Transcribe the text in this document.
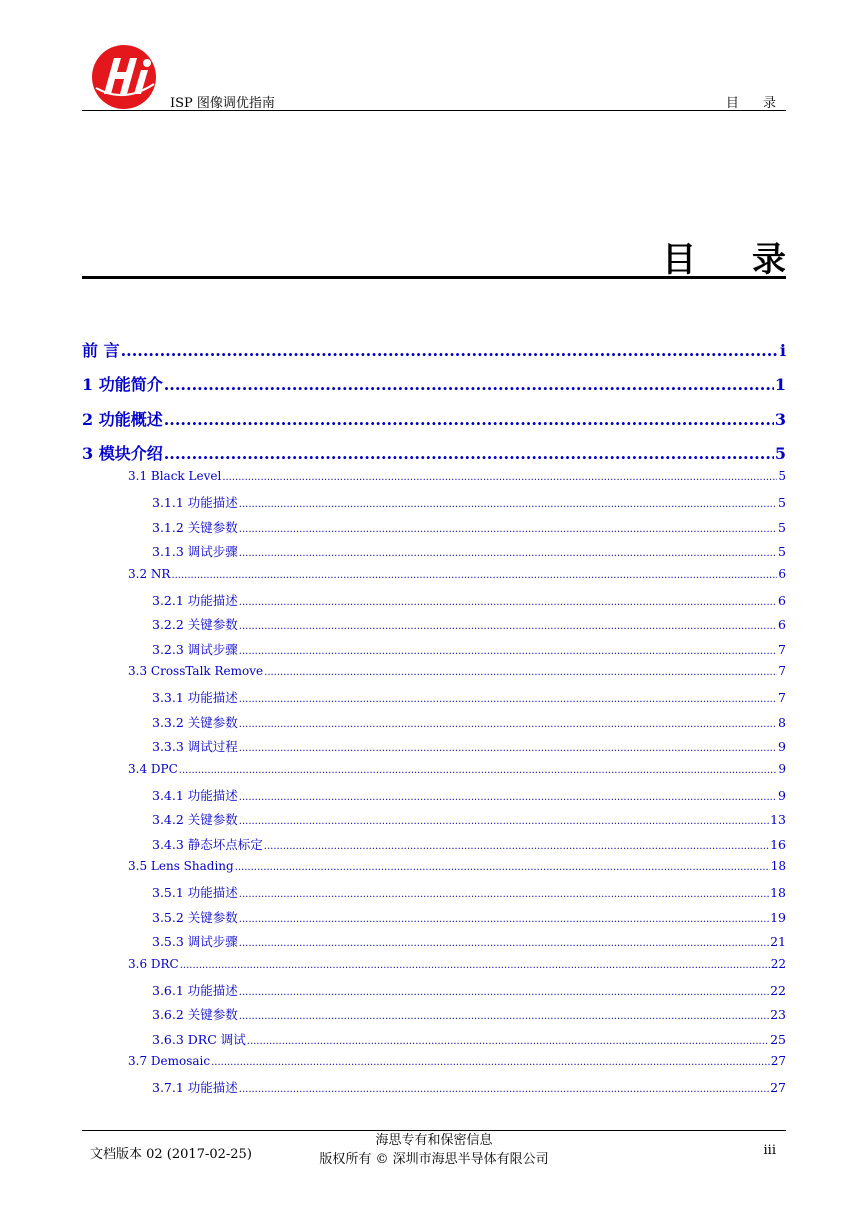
ISP 图像调优指南	目 录
目 录
前 言 .....	i
1 功能简介 .....	1
2 功能概述 .....	3
3 模块介绍 .....	5
3.1 Black Level .....	5
3.1.1 功能描述 .....	5
3.1.2 关键参数 .....	5
3.1.3 调试步骤 .....	5
3.2 NR .....	6
3.2.1 功能描述 .....	6
3.2.2 关键参数 .....	6
3.2.3 调试步骤 .....	7
3.3 CrossTalk Remove .....	7
3.3.1 功能描述 .....	7
3.3.2 关键参数 .....	8
3.3.3 调试过程 .....	9
3.4 DPC .....	9
3.4.1 功能描述 .....	9
3.4.2 关键参数 .....	13
3.4.3 静态坏点标定 .....	16
3.5 Lens Shading .....	18
3.5.1 功能描述 .....	18
3.5.2 关键参数 .....	19
3.5.3 调试步骤 .....	21
3.6 DRC .....	22
3.6.1 功能描述 .....	22
3.6.2 关键参数 .....	23
3.6.3 DRC 调试 .....	25
3.7 Demosaic .....	27
3.7.1 功能描述 .....	27
文档版本 02 (2017-02-25)
海思专有和保密信息
版权所有 © 深圳市海思半导体有限公司
iii
